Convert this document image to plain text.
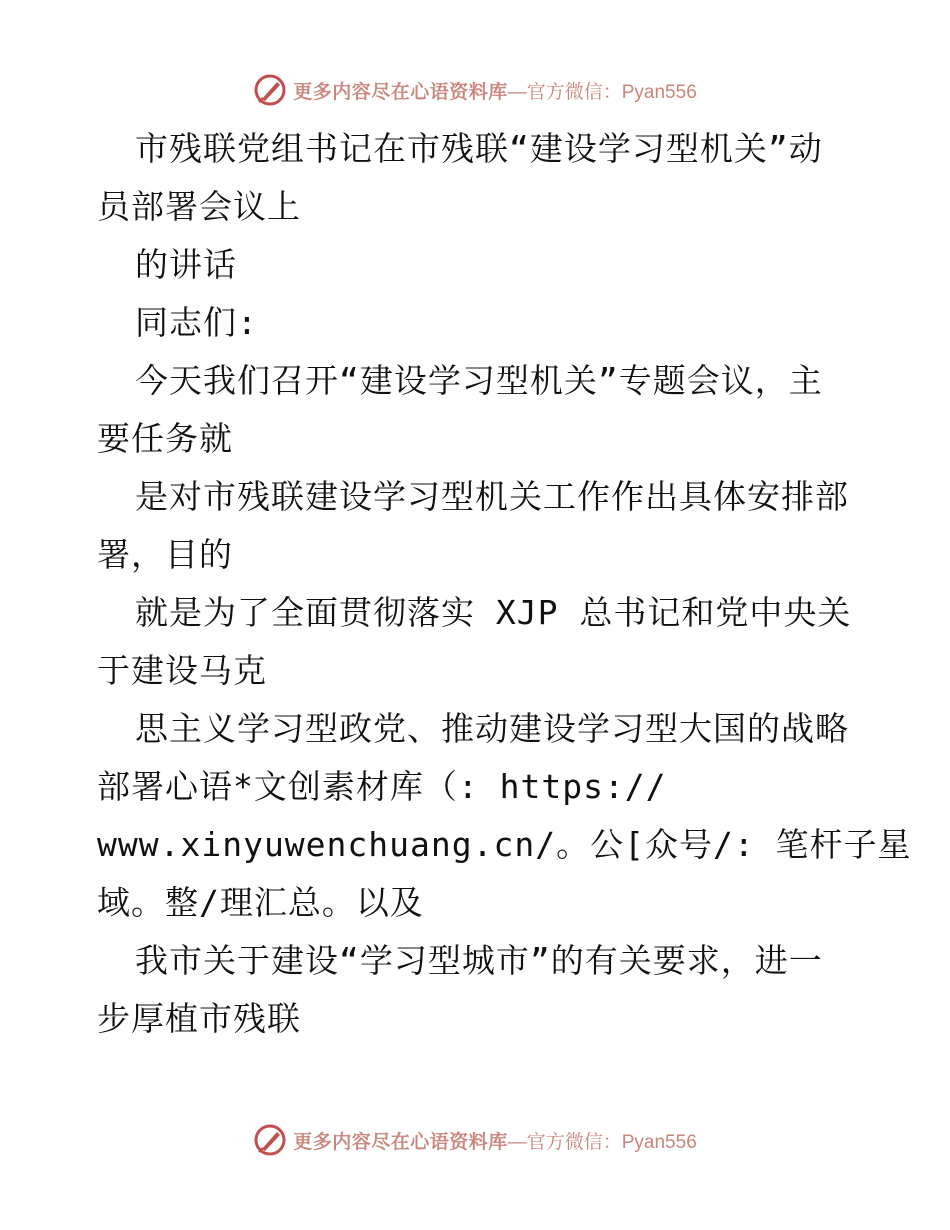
更多内容尽在心语资料库 —官方微信：Pyan556
市残联党组书记在市残联“建设学习型机关”动
员部署会议上
的讲话
同志们:
今天我们召开“建设学习型机关”专题会议，主
要任务就
是对市残联建设学习型机关工作作出具体安排部
署，目的
就是为了全面贯彻落实 XJP 总书记和党中央关
于建设马克
思主义学习型政党、推动建设学习型大国的战略
部署心语*文创素材库（: https://
www.xinyuwenchuang.cn/。公[众号/: 笔杆子星
域。整/理汇总。以及
我市关于建设“学习型城市”的有关要求，进一
步厚植市残联
更多内容尽在心语资料库 —官方微信：Pyan556
